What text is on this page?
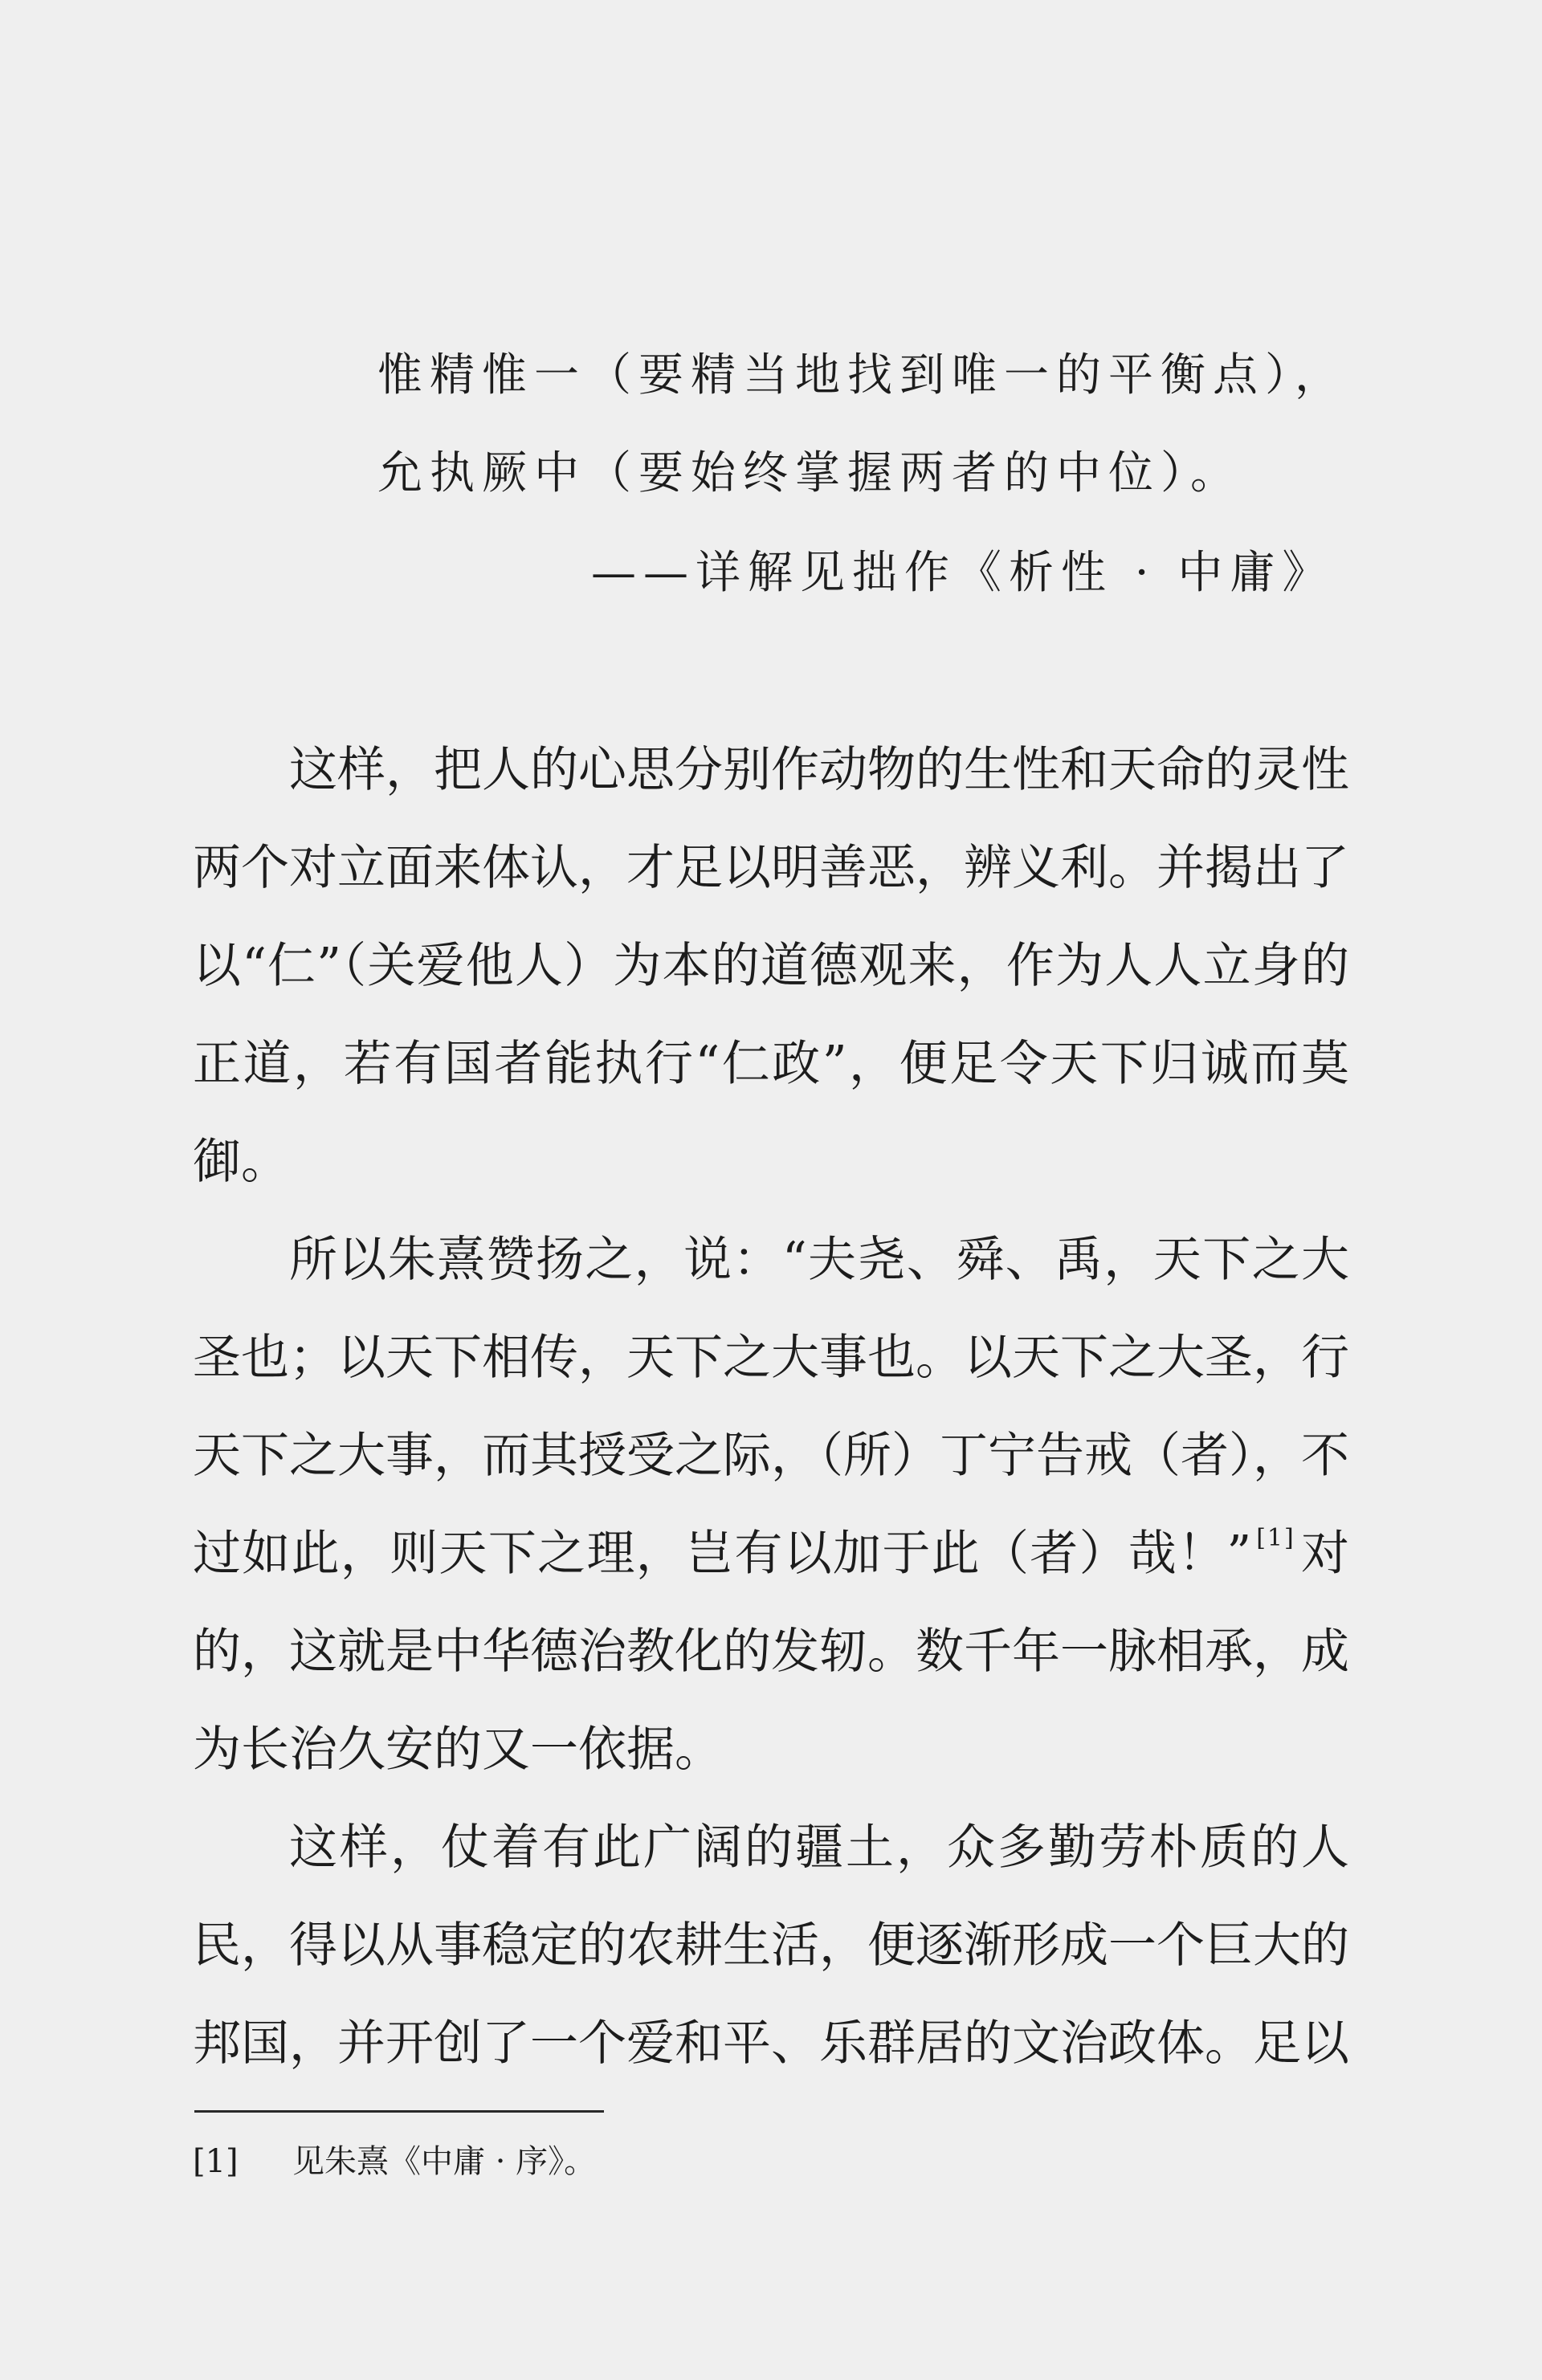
惟精惟一（要精当地找到唯一的平衡点），
允执厥中（要始终掌握两者的中位）。
——详解见拙作《析性 · 中庸》

这样，把人的心思分别作动物的生性和天命的灵性两个对立面来体认，才足以明善恶，辨义利。并揭出了以“仁”（关爱他人）为本的道德观来，作为人人立身的正道，若有国者能执行“仁政”，便足令天下归诚而莫御。

所以朱熹赞扬之，说：“夫尧、舜、禹，天下之大圣也；以天下相传，天下之大事也。以天下之大圣，行天下之大事，而其授受之际，（所）丁宁告戒（者），不过如此，则天下之理，岂有以加于此（者）哉！” [1] 对的，这就是中华德治教化的发轫。数千年一脉相承，成为长治久安的又一依据。

这样，仗着有此广阔的疆土，众多勤劳朴质的人民，得以从事稳定的农耕生活，便逐渐形成一个巨大的邦国，并开创了一个爱和平、乐群居的文治政体。足以

[1] 见朱熹《中庸 · 序》。
